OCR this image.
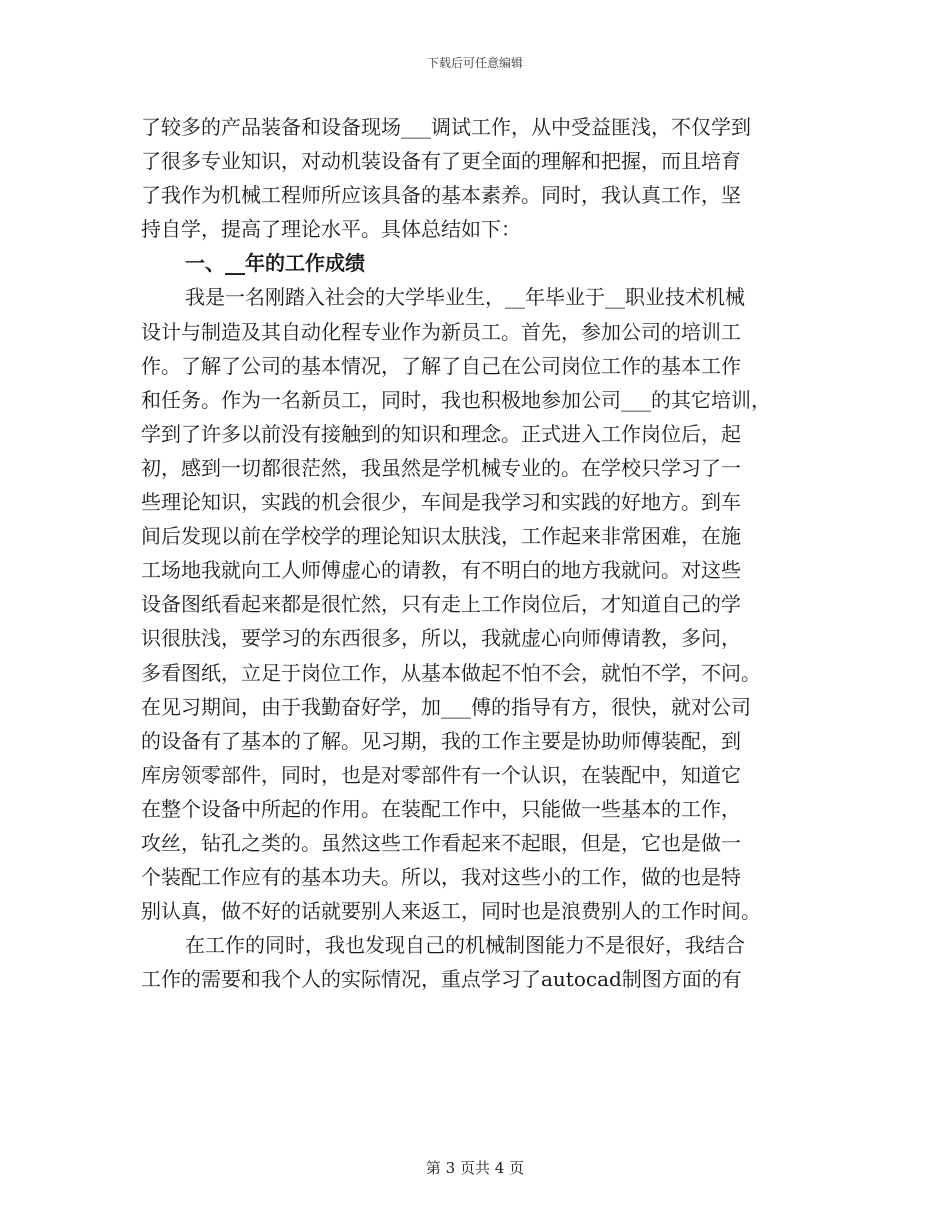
下载后可任意编辑
了较多的产品装备和设备现场___调试工作，从中受益匪浅，不仅学到
了很多专业知识，对动机装设备有了更全面的理解和把握，而且培育
了我作为机械工程师所应该具备的基本素养。同时，我认真工作，坚
持自学，提高了理论水平。具体总结如下：
一、__年的工作成绩
我是一名刚踏入社会的大学毕业生，__年毕业于__职业技术机械
设计与制造及其自动化程专业作为新员工。首先，参加公司的培训工
作。了解了公司的基本情况，了解了自己在公司岗位工作的基本工作
和任务。作为一名新员工，同时，我也积极地参加公司___的其它培训，
学到了许多以前没有接触到的知识和理念。正式进入工作岗位后，起
初，感到一切都很茫然，我虽然是学机械专业的。在学校只学习了一
些理论知识，实践的机会很少，车间是我学习和实践的好地方。到车
间后发现以前在学校学的理论知识太肤浅，工作起来非常困难，在施
工场地我就向工人师傅虚心的请教，有不明白的地方我就问。对这些
设备图纸看起来都是很忙然，只有走上工作岗位后，才知道自己的学
识很肤浅，要学习的东西很多，所以，我就虚心向师傅请教，多问，
多看图纸，立足于岗位工作，从基本做起不怕不会，就怕不学，不问。
在见习期间，由于我勤奋好学，加___傅的指导有方，很快，就对公司
的设备有了基本的了解。见习期，我的工作主要是协助师傅装配，到
库房领零部件，同时，也是对零部件有一个认识，在装配中，知道它
在整个设备中所起的作用。在装配工作中，只能做一些基本的工作，
攻丝，钻孔之类的。虽然这些工作看起来不起眼，但是，它也是做一
个装配工作应有的基本功夫。所以，我对这些小的工作，做的也是特
别认真，做不好的话就要别人来返工，同时也是浪费别人的工作时间。
在工作的同时，我也发现自己的机械制图能力不是很好，我结合
工作的需要和我个人的实际情况，重点学习了autocad制图方面的有
第 3 页共 4 页
